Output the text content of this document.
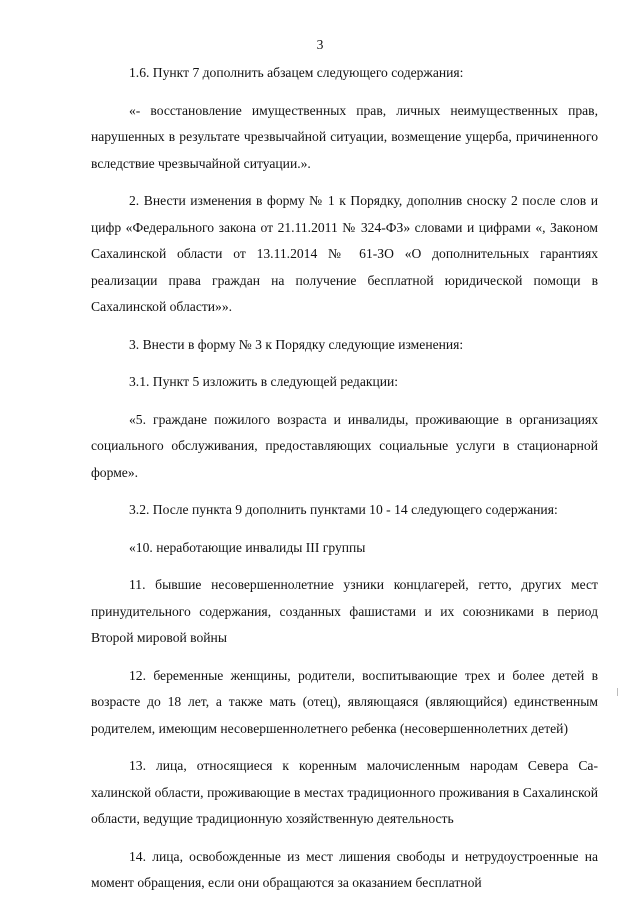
3

1.6. Пункт 7 дополнить абзацем следующего содержания:

«- восстановление имущественных прав, личных неимущественных прав, нарушенных в результате чрезвычайной ситуации, возмещение ущерба, причиненного вследствие чрезвычайной ситуации.».

2. Внести изменения в форму № 1 к Порядку, дополнив сноску 2 после слов и цифр «Федерального закона от 21.11.2011 № 324-ФЗ» словами и цифрами «, Законом Сахалинской области от 13.11.2014 № 61-ЗО «О дополнительных гарантиях реализации права граждан на получение бесплатной юридической помощи в Сахалинской области»».

3. Внести в форму № 3 к Порядку следующие изменения:

3.1. Пункт 5 изложить в следующей редакции:

«5. граждане пожилого возраста и инвалиды, проживающие в организациях социального обслуживания, предоставляющих социальные услуги в стационарной форме».

3.2. После пункта 9 дополнить пунктами 10 - 14 следующего содержания:

«10. неработающие инвалиды III группы

11. бывшие несовершеннолетние узники концлагерей, гетто, других мест принудительного содержания, созданных фашистами и их союзниками в период Второй мировой войны

12. беременные женщины, родители, воспитывающие трех и более детей в возрасте до 18 лет, а также мать (отец), являющаяся (являющийся) единственным родителем, имеющим несовершеннолетнего ребенка (несовершеннолетних детей)

13. лица, относящиеся к коренным малочисленным народам Севера Сахалинской области, проживающие в местах традиционного проживания в Сахалинской области, ведущие традиционную хозяйственную деятельность

14. лица, освобожденные из мест лишения свободы и нетрудоустроенные на момент обращения, если они обращаются за оказанием бесплатной
